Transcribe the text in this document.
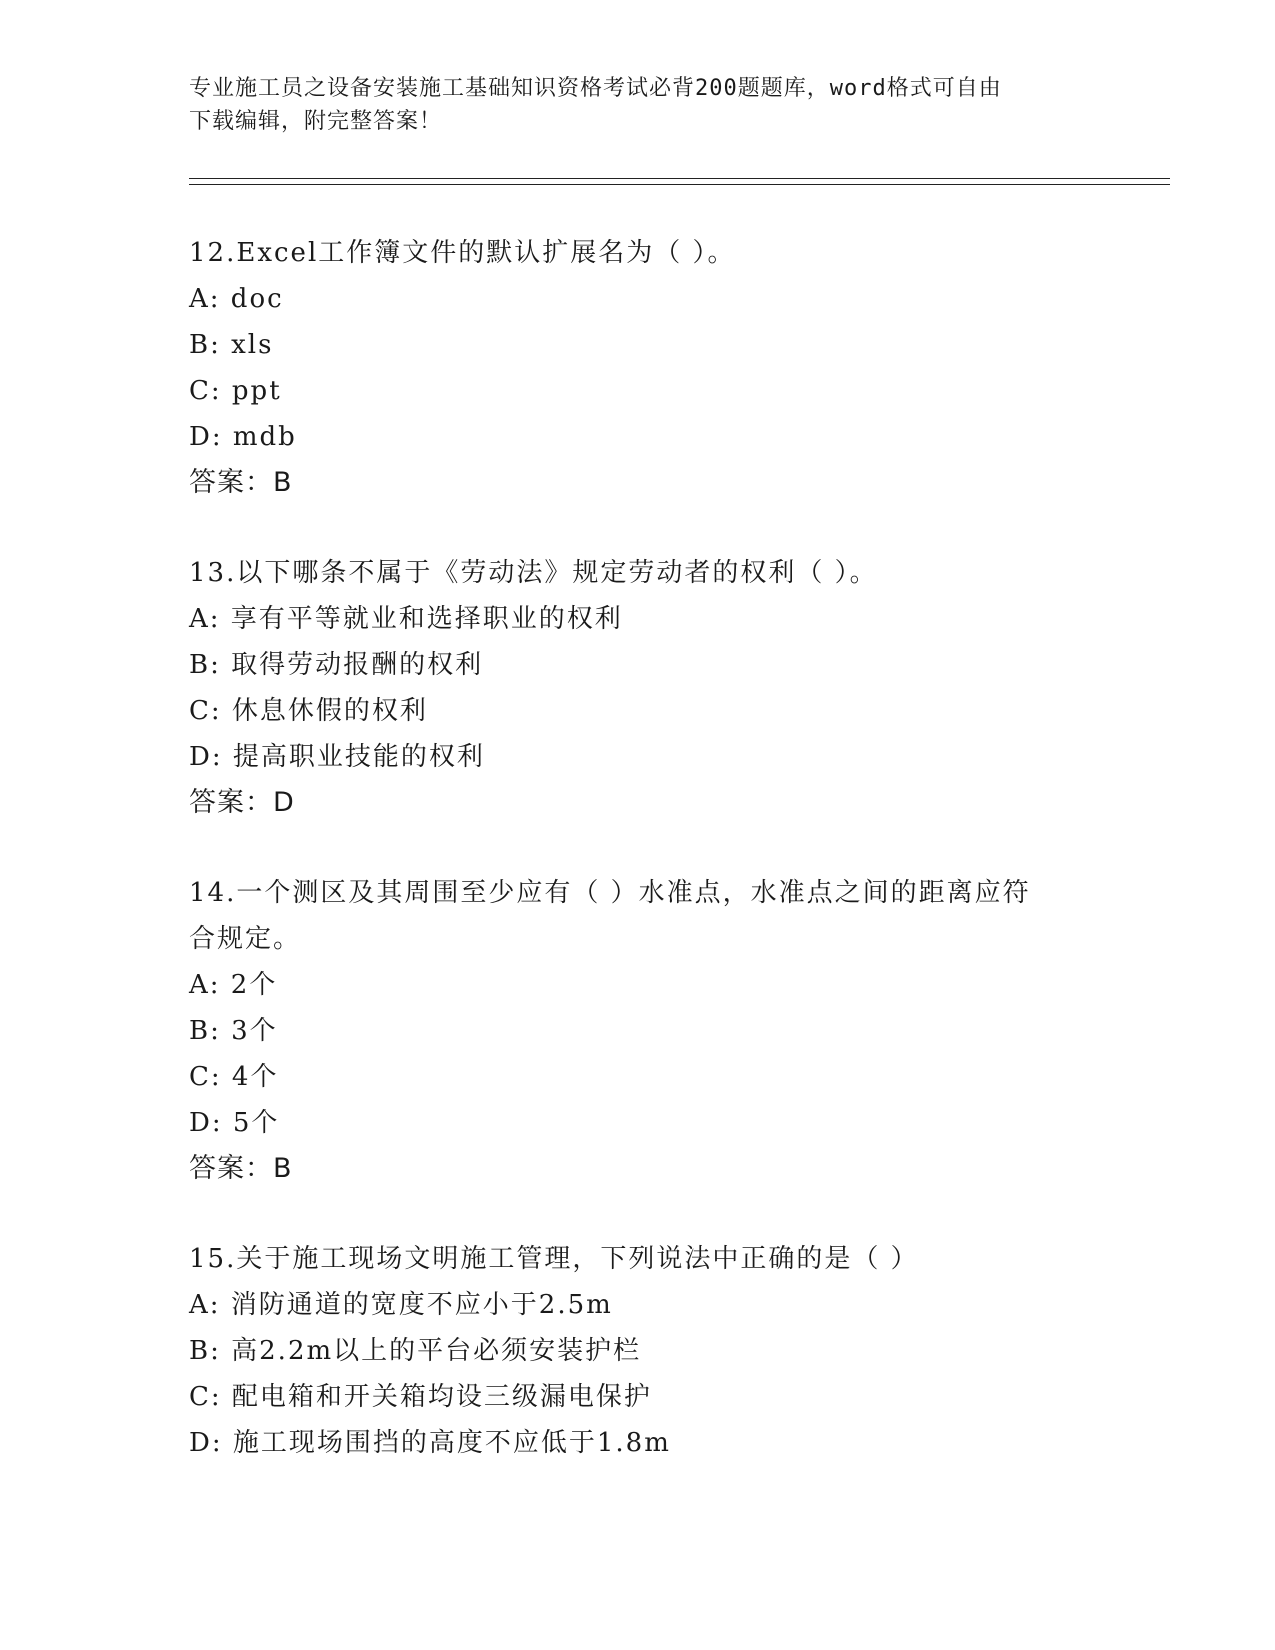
专业施工员之设备安装施工基础知识资格考试必背200题题库，word格式可自由
下载编辑，附完整答案！
12.Excel工作簿文件的默认扩展名为（ ）。
A: doc
B: xls
C: ppt
D: mdb
答案：B
13.以下哪条不属于《劳动法》规定劳动者的权利（ ）。
A: 享有平等就业和选择职业的权利
B: 取得劳动报酬的权利
C: 休息休假的权利
D: 提高职业技能的权利
答案：D
14.一个测区及其周围至少应有（ ）水准点，水准点之间的距离应符
合规定。
A: 2个
B: 3个
C: 4个
D: 5个
答案：B
15.关于施工现场文明施工管理，下列说法中正确的是（ ）
A: 消防通道的宽度不应小于2.5m
B: 高2.2m以上的平台必须安装护栏
C: 配电箱和开关箱均设三级漏电保护
D: 施工现场围挡的高度不应低于1.8m
